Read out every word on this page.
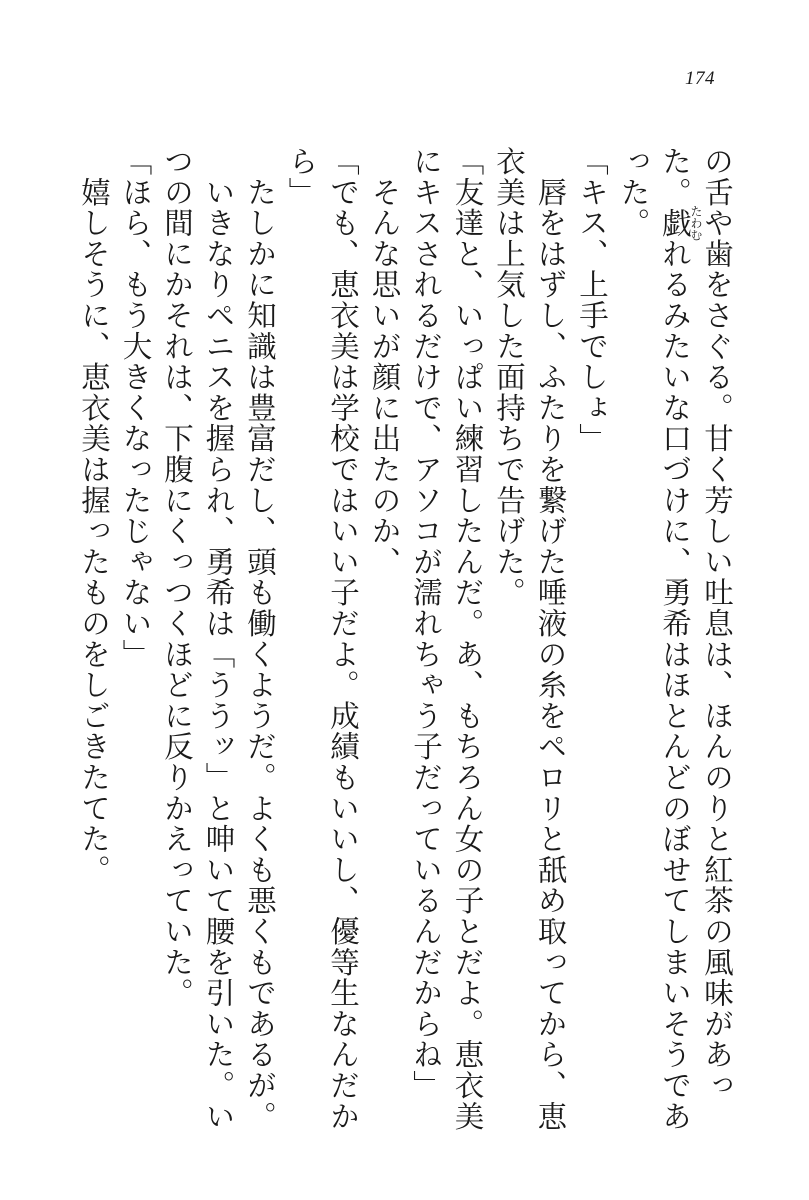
174

の舌や歯をさぐる。甘く芳しい吐息は、ほんのりと紅茶の風味があった。戯たわむれるみたいな口づけに、勇希はほとんどのぼせてしまいそうであった。

「キス、上手でしょ」

　唇をはずし、ふたりを繋げた唾液の糸をペロリと舐め取ってから、恵衣美は上気した面持ちで告げた。

「友達と、いっぱい練習したんだ。あ、もちろん女の子とだよ。恵衣美にキスされるだけで、アソコが濡れちゃう子だっているんだからね」

　そんな思いが顔に出たのか、

「でも、恵衣美は学校ではいい子だよ。成績もいいし、優等生なんだから」

　たしかに知識は豊富だし、頭も働くようだ。よくも悪くもであるが。

　いきなりペニスを握られ、勇希は「ううッ」と呻いて腰を引いた。いつの間にかそれは、下腹にくっつくほどに反りかえっていた。

「ほら、もう大きくなったじゃない」

　嬉しそうに、恵衣美は握ったものをしごきたてた。
